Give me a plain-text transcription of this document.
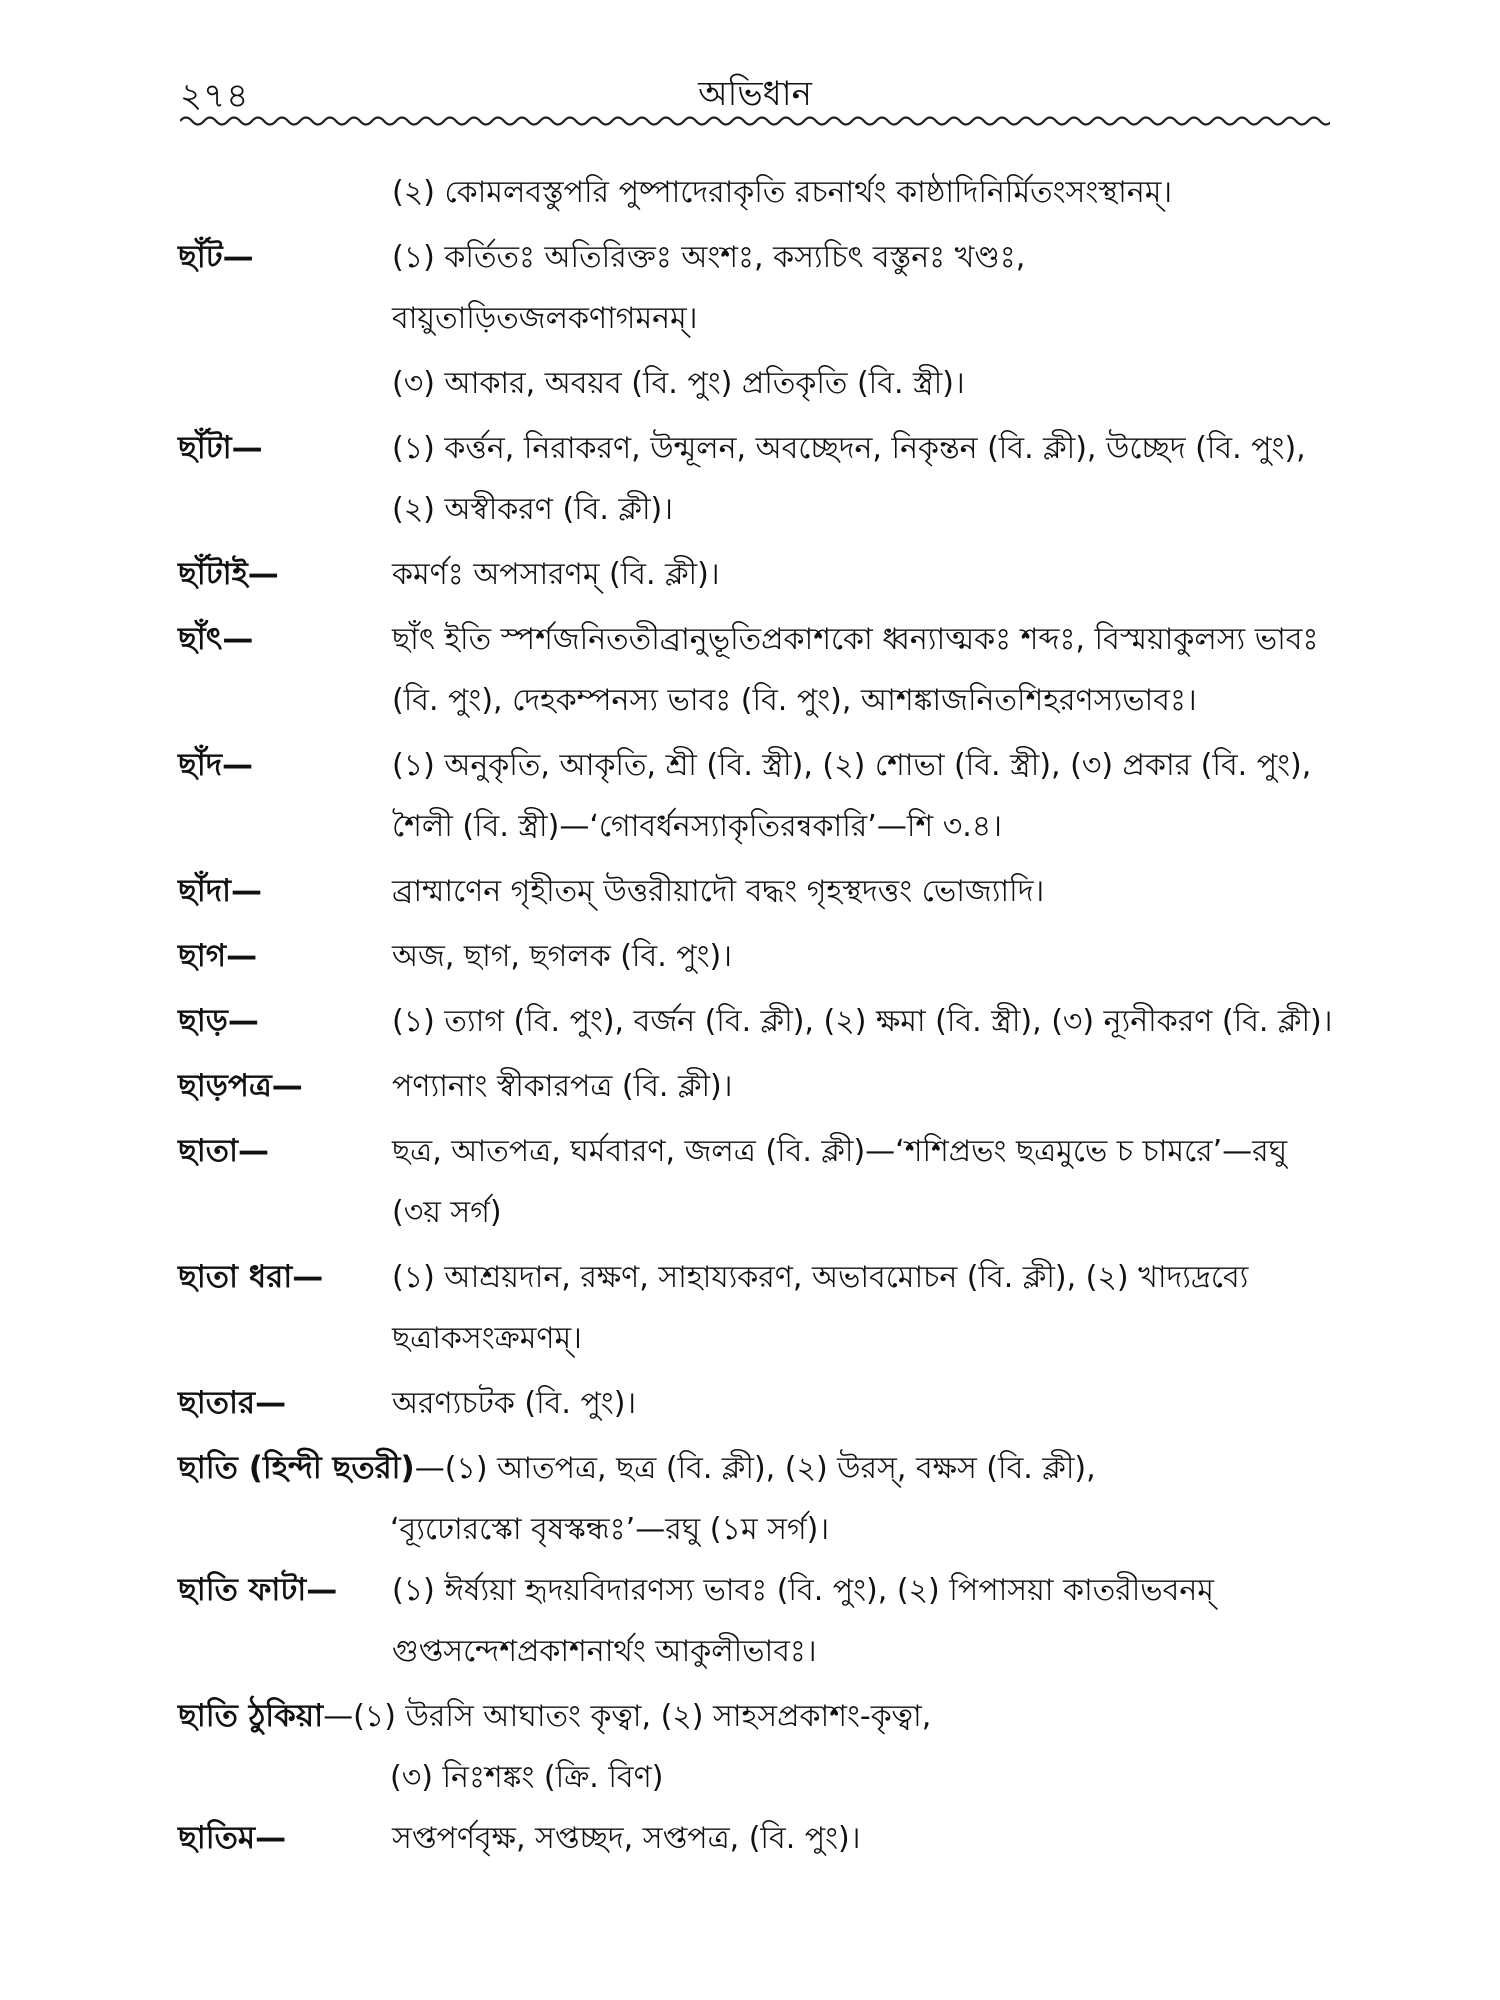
২৭৪	অভিধান
(২) কোমলবস্তুপরি পুষ্পাদেরাকৃতি রচনার্থং কাষ্ঠাদিনির্মিতংসংস্থানম্।
ছাঁট—	(১) কর্তিতঃ অতিরিক্তঃ অংশঃ, কস্যচিৎ বস্তুনঃ খণ্ডঃ, বায়ুতাড়িতজলকণাগমনম্।
(৩) আকার, অবয়ব (বি. পুং) প্রতিকৃতি (বি. স্ত্রী)।
ছাঁটা—	(১) কর্ত্তন, নিরাকরণ, উন্মূলন, অবচ্ছেদন, নিকৃন্তন (বি. ক্লী), উচ্ছেদ (বি. পুং), (২) অস্বীকরণ (বি. ক্লী)।
ছাঁটাই—	কমর্ণঃ অপসারণম্ (বি. ক্লী)।
ছাঁৎ—	ছাঁৎ ইতি স্পর্শজনিততীব্রানুভূতিপ্রকাশকো ধ্বন্যাত্মকঃ শব্দঃ, বিস্ময়াকুলস্য ভাবঃ (বি. পুং), দেহকম্পনস্য ভাবঃ (বি. পুং), আশঙ্কাজনিতশিহরণস্যভাবঃ।
ছাঁদ—	(১) অনুকৃতি, আকৃতি, শ্রী (বি. স্ত্রী), (২) শোভা (বি. স্ত্রী), (৩) প্রকার (বি. পুং), শৈলী (বি. স্ত্রী)—‘গোবর্ধনস্যাকৃতিরন্বকারি’—শি ৩.৪।
ছাঁদা—	ব্রাম্মাণেন গৃহীতম্ উত্তরীয়াদৌ বদ্ধং গৃহস্থদত্তং ভোজ্যাদি।
ছাগ—	অজ, ছাগ, ছগলক (বি. পুং)।
ছাড়—	(১) ত্যাগ (বি. পুং), বর্জন (বি. ক্লী), (২) ক্ষমা (বি. স্ত্রী), (৩) ন্যূনীকরণ (বি. ক্লী)।
ছাড়পত্র—	পণ্যানাং স্বীকারপত্র (বি. ক্লী)।
ছাতা—	ছত্র, আতপত্র, ঘর্মবারণ, জলত্র (বি. ক্লী)—‘শশিপ্রভং ছত্রমুভে চ চামরে’—রঘু (৩য় সর্গ)
ছাতা ধরা—	(১) আশ্রয়দান, রক্ষণ, সাহায্যকরণ, অভাবমোচন (বি. ক্লী), (২) খাদ্যদ্রব্যে ছত্রাকসংক্রমণম্।
ছাতার—	অরণ্যচটক (বি. পুং)।
ছাতি (হিন্দী ছতরী)—(১) আতপত্র, ছত্র (বি. ক্লী), (২) উরস্, বক্ষস (বি. ক্লী),
‘ব্যূঢোরস্কো বৃষস্কন্ধঃ’—রঘু (১ম সর্গ)।
ছাতি ফাটা—	(১) ঈর্ষ্যয়া হৃদয়বিদারণস্য ভাবঃ (বি. পুং), (২) পিপাসয়া কাতরীভবনম্ গুপ্তসন্দেশপ্রকাশনার্থং আকুলীভাবঃ।
ছাতি ঠুকিয়া—(১) উরসি আঘাতং কৃত্বা, (২) সাহসপ্রকাশং-কৃত্বা,
(৩) নিঃশঙ্কং (ক্রি. বিণ)
ছাতিম—	সপ্তপর্ণবৃক্ষ, সপ্তচ্ছদ, সপ্তপত্র, (বি. পুং)।
